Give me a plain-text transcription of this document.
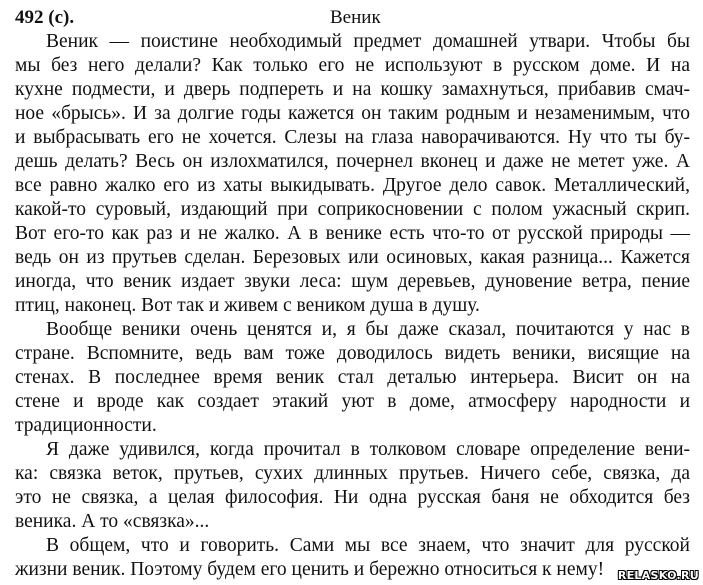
492 (с).	Веник
Веник — поистине необходимый предмет домашней утвари. Чтобы бы
мы без него делали? Как только его не используют в русском доме. И на
кухне подмести, и дверь подпереть и на кошку замахнуться, прибавив смач-
ное «брысь». И за долгие годы кажется он таким родным и незаменимым, что
и выбрасывать его не хочется. Слезы на глаза наворачиваются. Ну что ты бу-
дешь делать? Весь он излохматился, почернел вконец и даже не метет уже. А
все равно жалко его из хаты выкидывать. Другое дело савок. Металлический,
какой-то суровый, издающий при соприкосновении с полом ужасный скрип.
Вот его-то как раз и не жалко. А в венике есть что-то от русской природы —
ведь он из прутьев сделан. Березовых или осиновых, какая разница... Кажется
иногда, что веник издает звуки леса: шум деревьев, дуновение ветра, пение
птиц, наконец. Вот так и живем с веником душа в душу.
Вообще веники очень ценятся и, я бы даже сказал, почитаются у нас в
стране. Вспомните, ведь вам тоже доводилось видеть веники, висящие на
стенах. В последнее время веник стал деталью интерьера. Висит он на
стене и вроде как создает этакий уют в доме, атмосферу народности и
традиционности.
Я даже удивился, когда прочитал в толковом словаре определение вени-
ка: связка веток, прутьев, сухих длинных прутьев. Ничего себе, связка, да
это не связка, а целая философия. Ни одна русская баня не обходится без
веника. А то «связка»...
В общем, что и говорить. Сами мы все знаем, что значит для русской
жизни веник. Поэтому будем его ценить и бережно относиться к нему!	RELASKO.RU
